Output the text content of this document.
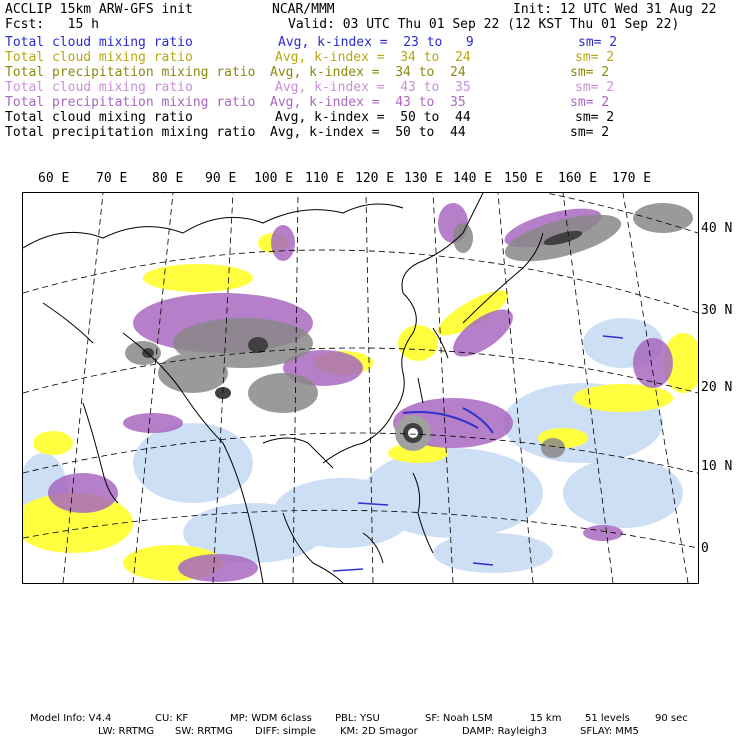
ACCLIP 15km ARW-GFS init	NCAR/MMM	Init: 12 UTC Wed 31 Aug 22
Fcst:   15 h	Valid: 03 UTC Thu 01 Sep 22 (12 KST Thu 01 Sep 22)
Total cloud mixing ratio	Avg, k-index =  23 to   9	sm= 2
Total cloud mixing ratio	Avg, k-index =  34 to  24	sm= 2
Total precipitation mixing ratio Avg, k-index =  34 to  24	sm= 2
Total cloud mixing ratio	Avg, k-index =  43 to  35	sm= 2
Total precipitation mixing ratio Avg, k-index =  43 to  35	sm= 2
Total cloud mixing ratio	Avg, k-index =  50 to  44	sm= 2
Total precipitation mixing ratio Avg, k-index =  50 to  44	sm= 2
60 E 70 E 80 E 90 E 100 E 110 E 120 E 130 E 140 E 150 E 160 E 170 E
40 N
30 N
20 N
10 N
0
Model Info: V4.4	CU: KF	MP: WDM 6class PBL: YSU	SF: Noah LSM	15 km 51 levels	90 sec
LW: RRTMG SW: RRTMG DIFF: simple KM: 2D Smagor	DAMP: Rayleigh3	SFLAY: MM5
